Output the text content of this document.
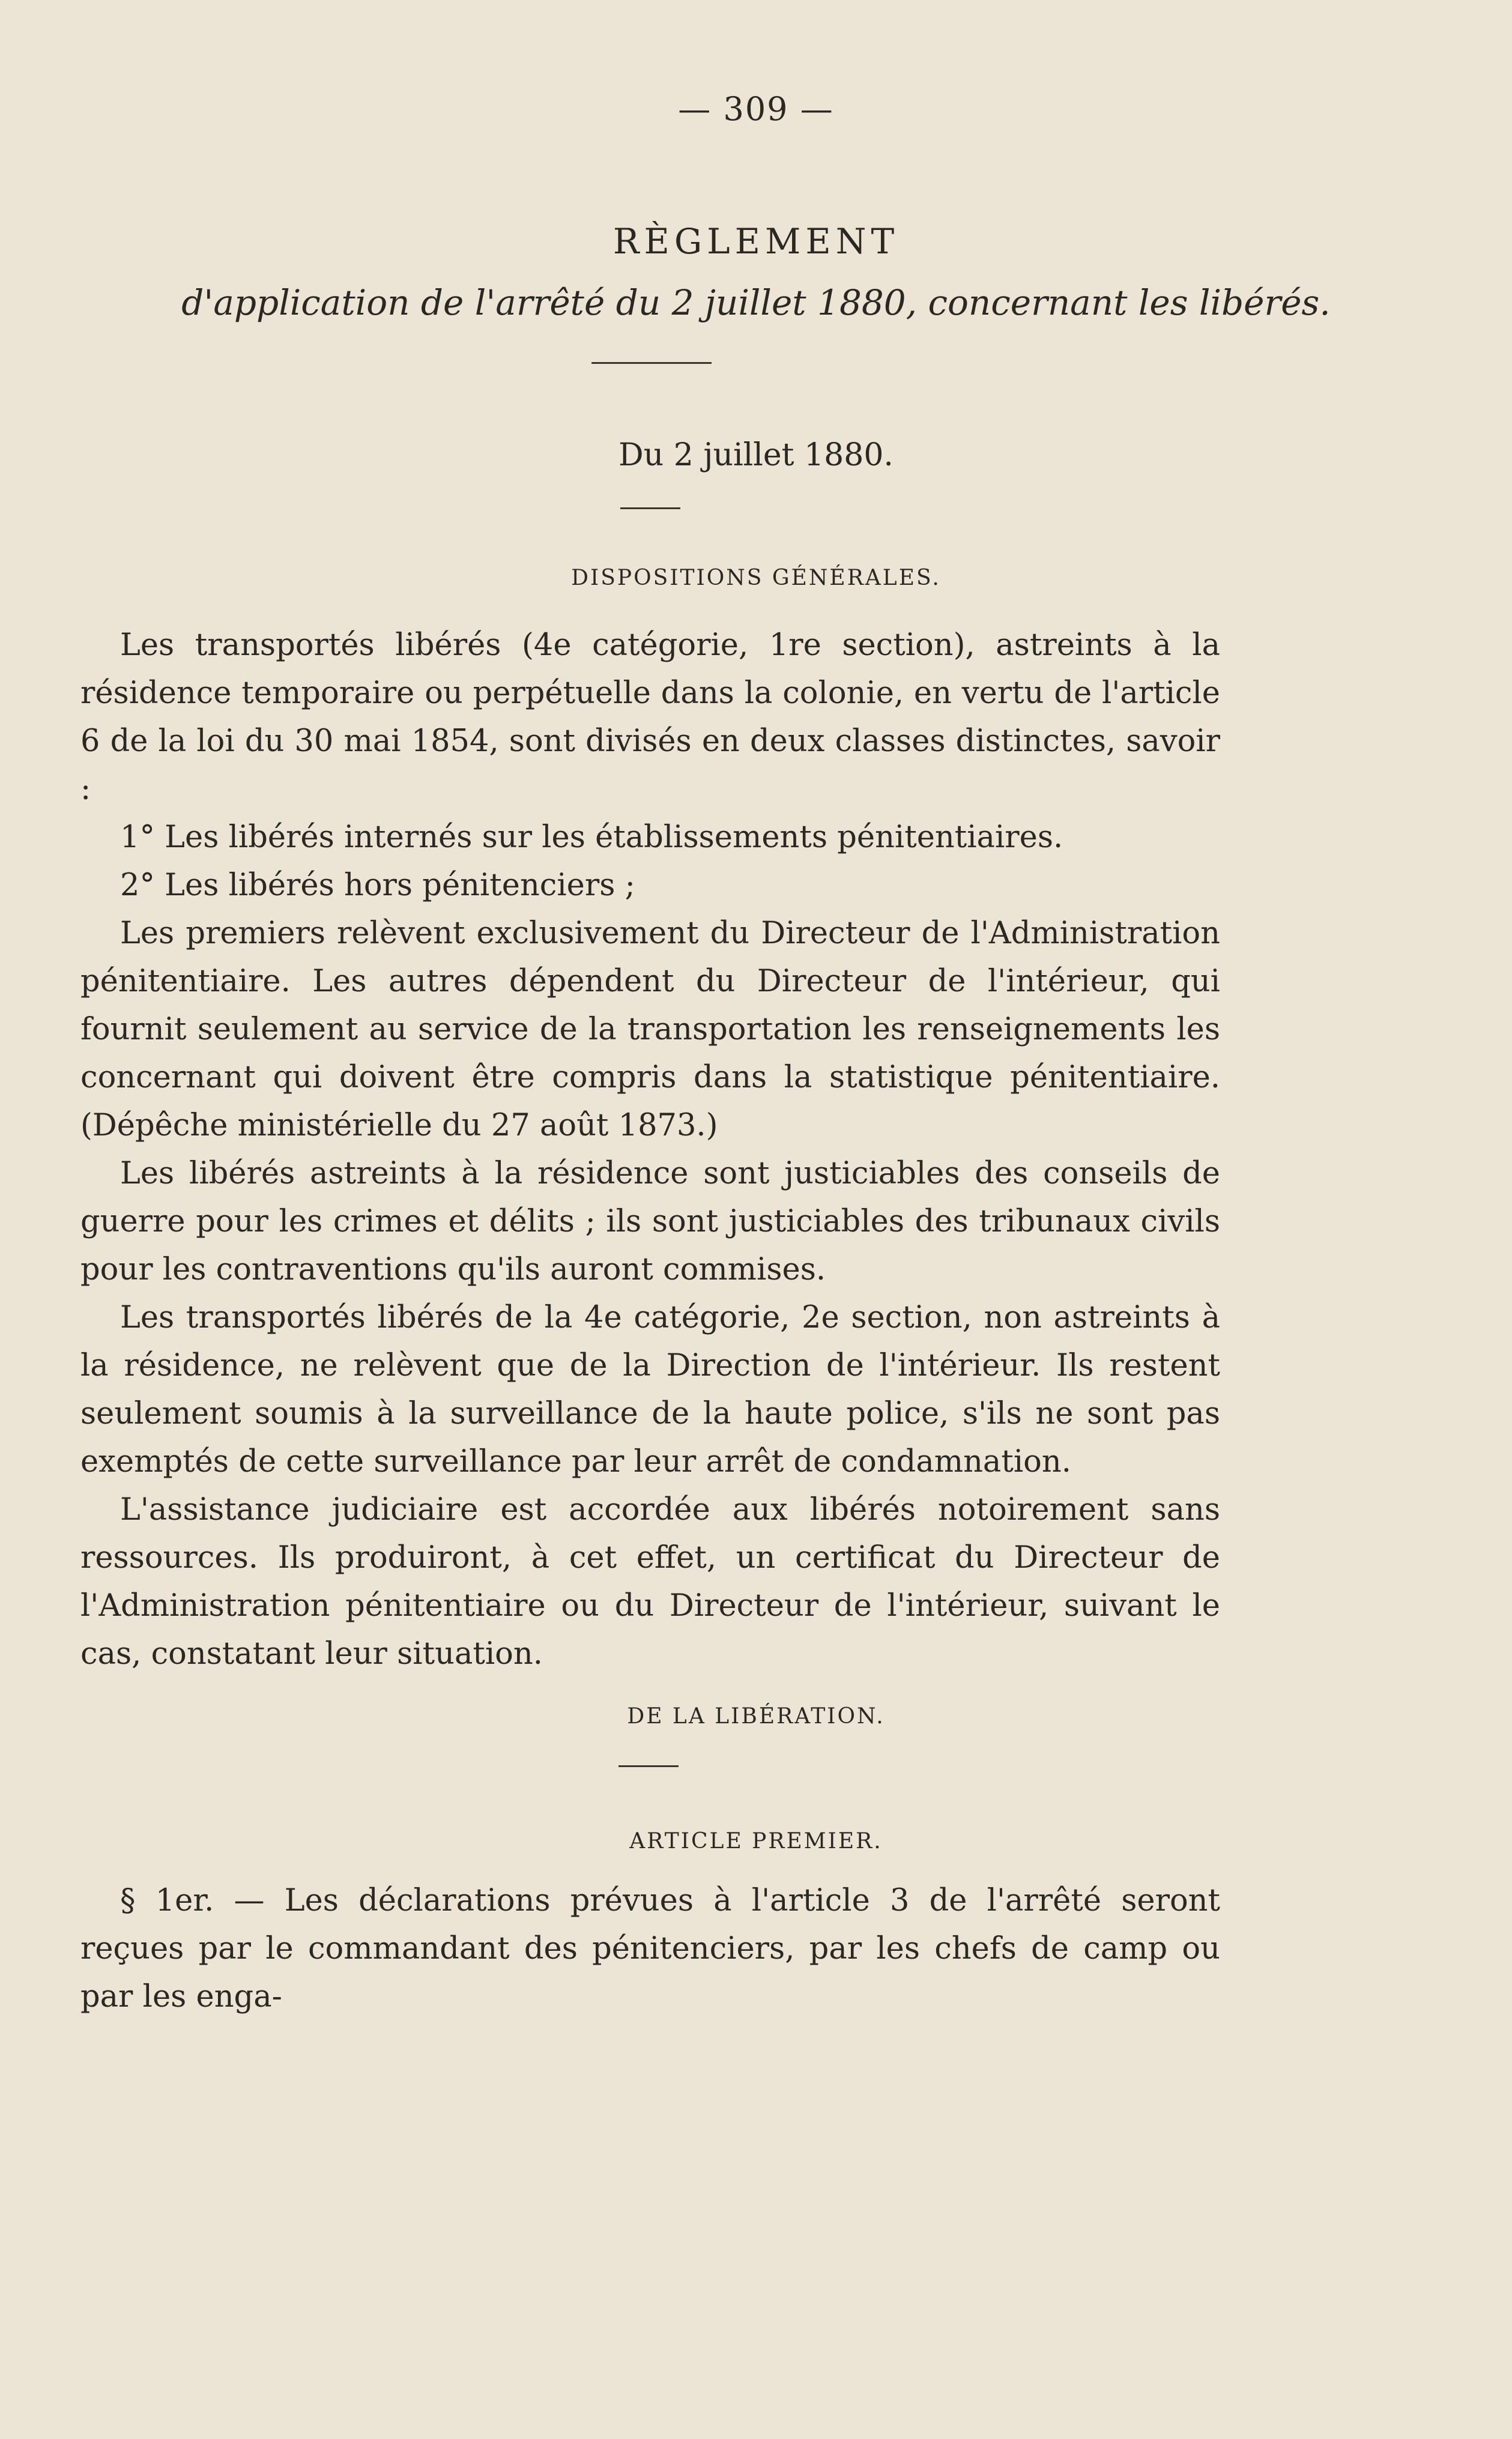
— 309 —
RÈGLEMENT
d'application de l'arrêté du 2 juillet 1880, concernant les libérés.
Du 2 juillet 1880.
DISPOSITIONS GÉNÉRALES.

Les transportés libérés (4e catégorie, 1re section), astreints à la résidence temporaire ou perpétuelle dans la colonie, en vertu de l'article 6 de la loi du 30 mai 1854, sont divisés en deux classes distinctes, savoir :

1° Les libérés internés sur les établissements pénitentiaires.
2° Les libérés hors pénitenciers ;

Les premiers relèvent exclusivement du Directeur de l'Administration pénitentiaire. Les autres dépendent du Directeur de l'intérieur, qui fournit seulement au service de la transportation les renseignements les concernant qui doivent être compris dans la statistique pénitentiaire. (Dépêche ministérielle du 27 août 1873.)

Les libérés astreints à la résidence sont justiciables des conseils de guerre pour les crimes et délits ; ils sont justiciables des tribunaux civils pour les contraventions qu'ils auront commises.

Les transportés libérés de la 4e catégorie, 2e section, non astreints à la résidence, ne relèvent que de la Direction de l'intérieur. Ils restent seulement soumis à la surveillance de la haute police, s'ils ne sont pas exemptés de cette surveillance par leur arrêt de condamnation.

L'assistance judiciaire est accordée aux libérés notoirement sans ressources. Ils produiront, à cet effet, un certificat du Directeur de l'Administration pénitentiaire ou du Directeur de l'intérieur, suivant le cas, constatant leur situation.

DE LA LIBÉRATION.
ARTICLE PREMIER.

§ 1er. — Les déclarations prévues à l'article 3 de l'arrêté seront reçues par le commandant des pénitenciers, par les chefs de camp ou par les enga-
